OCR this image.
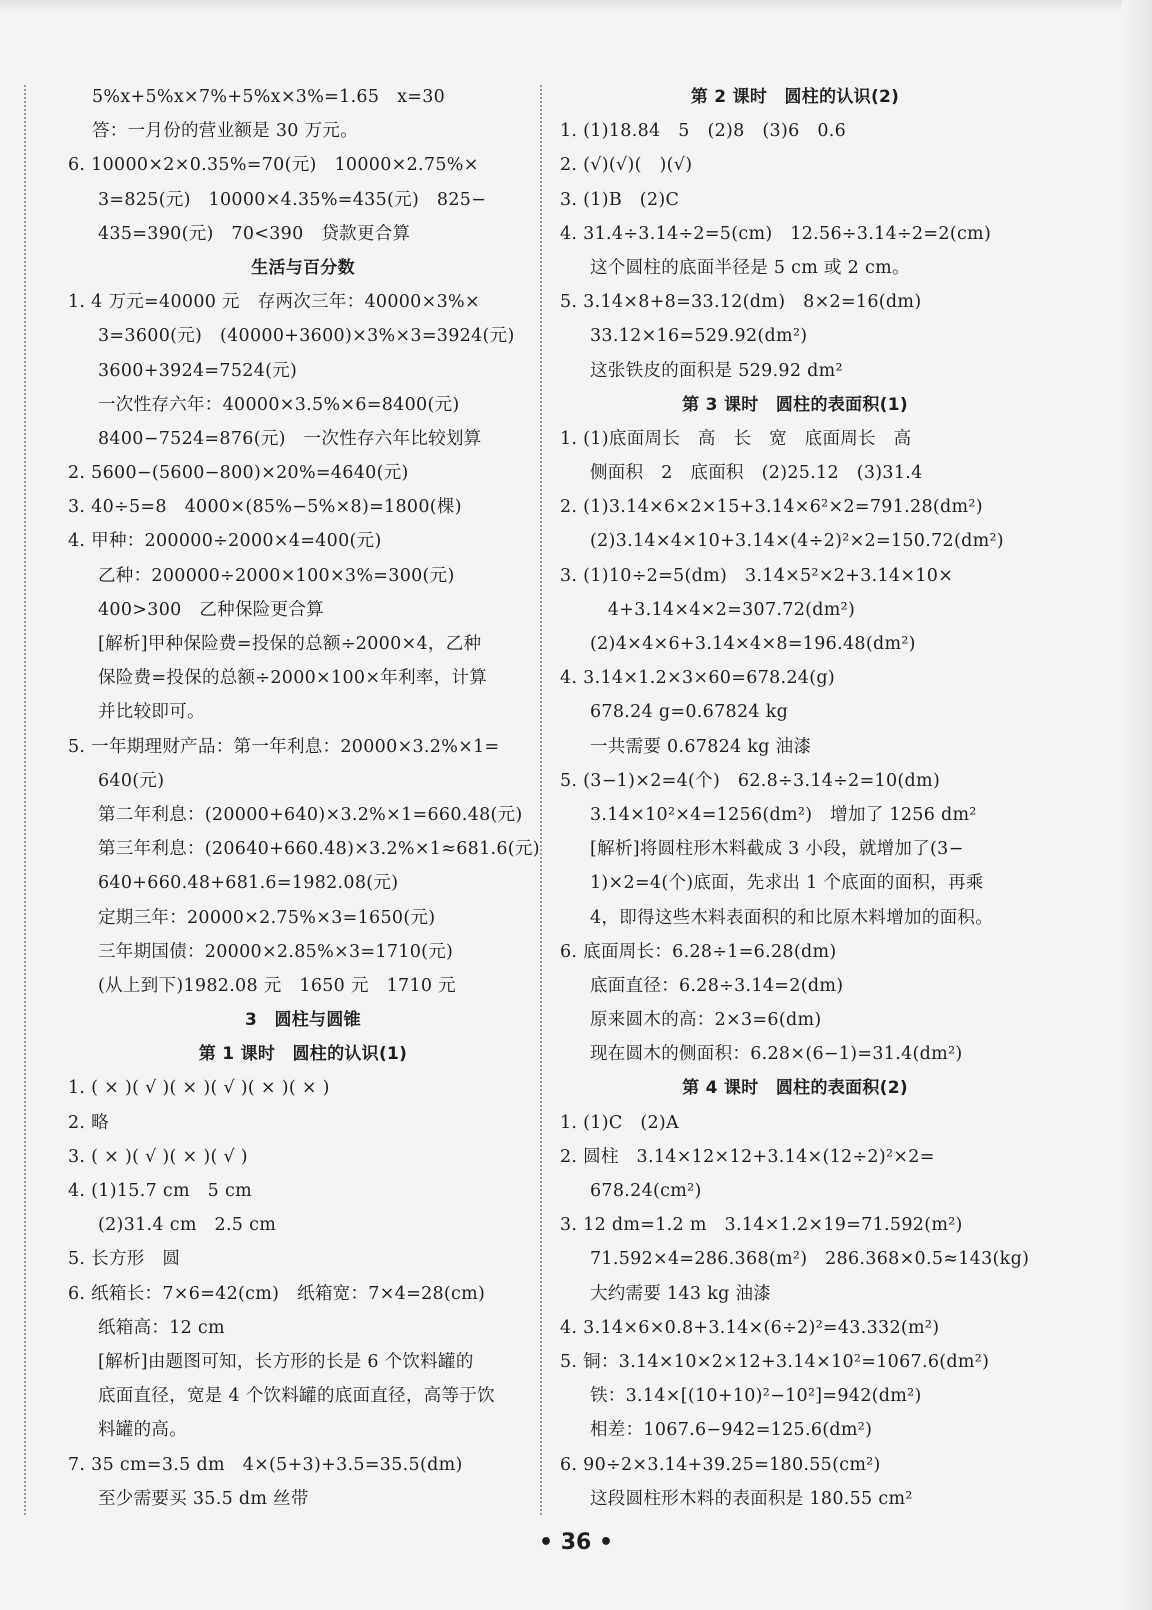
5%x+5%x×7%+5%x×3%=1.65　x=30
答：一月份的营业额是 30 万元。
6. 10000×2×0.35%=70(元)　10000×2.75%×
3=825(元)　10000×4.35%=435(元)　825−
435=390(元)　70<390　贷款更合算
生活与百分数
1. 4 万元=40000 元　存两次三年：40000×3%×
3=3600(元)　(40000+3600)×3%×3=3924(元)
3600+3924=7524(元)
一次性存六年：40000×3.5%×6=8400(元)
8400−7524=876(元)　一次性存六年比较划算
2. 5600−(5600−800)×20%=4640(元)
3. 40÷5=8　4000×(85%−5%×8)=1800(棵)
4. 甲种：200000÷2000×4=400(元)
乙种：200000÷2000×100×3%=300(元)
400>300　乙种保险更合算
[解析]甲种保险费=投保的总额÷2000×4，乙种
保险费=投保的总额÷2000×100×年利率，计算
并比较即可。
5. 一年期理财产品：第一年利息：20000×3.2%×1=
640(元)
第二年利息：(20000+640)×3.2%×1=660.48(元)
第三年利息：(20640+660.48)×3.2%×1≈681.6(元)
640+660.48+681.6=1982.08(元)
定期三年：20000×2.75%×3=1650(元)
三年期国债：20000×2.85%×3=1710(元)
(从上到下)1982.08 元　1650 元　1710 元
3　圆柱与圆锥
第 1 课时　圆柱的认识(1)
1. ( × )( √ )( × )( √ )( × )( × )
2. 略
3. ( × )( √ )( × )( √ )
4. (1)15.7 cm　5 cm
(2)31.4 cm　2.5 cm
5. 长方形　圆
6. 纸箱长：7×6=42(cm)　纸箱宽：7×4=28(cm)
纸箱高：12 cm
[解析]由题图可知，长方形的长是 6 个饮料罐的
底面直径，宽是 4 个饮料罐的底面直径，高等于饮
料罐的高。
7. 35 cm=3.5 dm　4×(5+3)+3.5=35.5(dm)
至少需要买 35.5 dm 丝带
第 2 课时　圆柱的认识(2)
1. (1)18.84　5　(2)8　(3)6　0.6
2. (√)(√)(　)(√)
3. (1)B　(2)C
4. 31.4÷3.14÷2=5(cm)　12.56÷3.14÷2=2(cm)
这个圆柱的底面半径是 5 cm 或 2 cm。
5. 3.14×8+8=33.12(dm)　8×2=16(dm)
33.12×16=529.92(dm²)
这张铁皮的面积是 529.92 dm²
第 3 课时　圆柱的表面积(1)
1. (1)底面周长　高　长　宽　底面周长　高
侧面积　2　底面积　(2)25.12　(3)31.4
2. (1)3.14×6×2×15+3.14×6²×2=791.28(dm²)
(2)3.14×4×10+3.14×(4÷2)²×2=150.72(dm²)
3. (1)10÷2=5(dm)　3.14×5²×2+3.14×10×
　4+3.14×4×2=307.72(dm²)
(2)4×4×6+3.14×4×8=196.48(dm²)
4. 3.14×1.2×3×60=678.24(g)
678.24 g=0.67824 kg
一共需要 0.67824 kg 油漆
5. (3−1)×2=4(个)　62.8÷3.14÷2=10(dm)
3.14×10²×4=1256(dm²)　增加了 1256 dm²
[解析]将圆柱形木料截成 3 小段，就增加了(3−
1)×2=4(个)底面，先求出 1 个底面的面积，再乘
4，即得这些木料表面积的和比原木料增加的面积。
6. 底面周长：6.28÷1=6.28(dm)
底面直径：6.28÷3.14=2(dm)
原来圆木的高：2×3=6(dm)
现在圆木的侧面积：6.28×(6−1)=31.4(dm²)
第 4 课时　圆柱的表面积(2)
1. (1)C　(2)A
2. 圆柱　3.14×12×12+3.14×(12÷2)²×2=
678.24(cm²)
3. 12 dm=1.2 m　3.14×1.2×19=71.592(m²)
71.592×4=286.368(m²)　286.368×0.5≈143(kg)
大约需要 143 kg 油漆
4. 3.14×6×0.8+3.14×(6÷2)²=43.332(m²)
5. 铜：3.14×10×2×12+3.14×10²=1067.6(dm²)
铁：3.14×[(10+10)²−10²]=942(dm²)
相差：1067.6−942=125.6(dm²)
6. 90÷2×3.14+39.25=180.55(cm²)
这段圆柱形木料的表面积是 180.55 cm²
• 36 •
